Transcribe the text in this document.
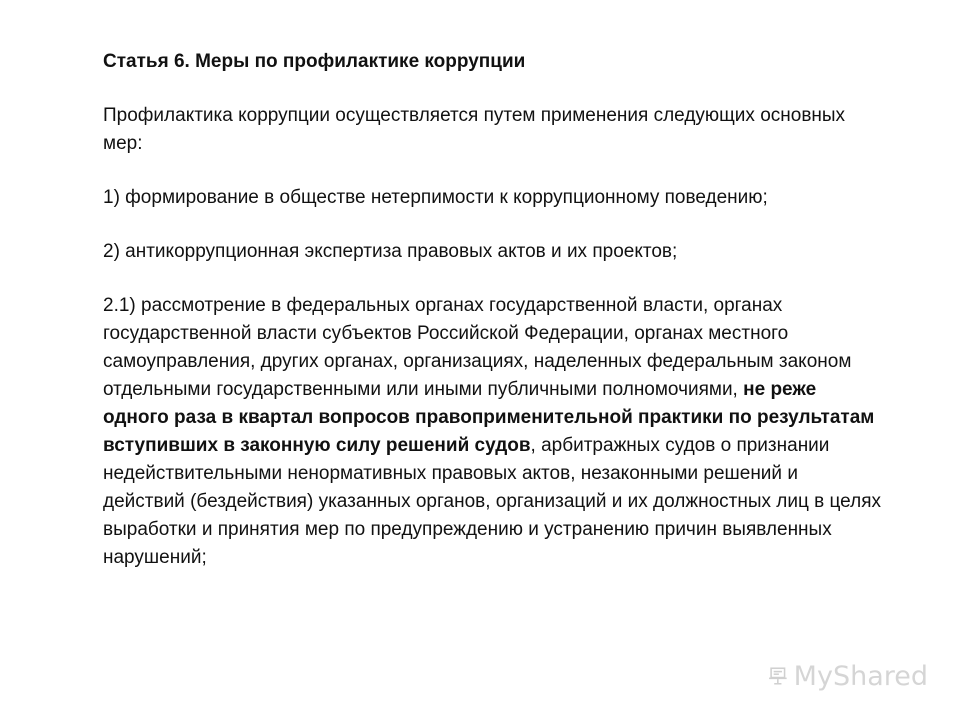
Статья 6. Меры по профилактике коррупции
Профилактика коррупции осуществляется путем применения следующих основных мер:
1) формирование в обществе нетерпимости к коррупционному поведению;
2) антикоррупционная экспертиза правовых актов и их проектов;
2.1) рассмотрение в федеральных органах государственной власти, органах государственной власти субъектов Российской Федерации, органах местного самоуправления, других органах, организациях, наделенных федеральным законом отдельными государственными или иными публичными полномочиями, не реже одного раза в квартал вопросов правоприменительной практики по результатам вступивших в законную силу решений судов, арбитражных судов о признании недействительными ненормативных правовых актов, незаконными решений и действий (бездействия) указанных органов, организаций и их должностных лиц в целях выработки и принятия мер по предупреждению и устранению причин выявленных нарушений;
MyShared
